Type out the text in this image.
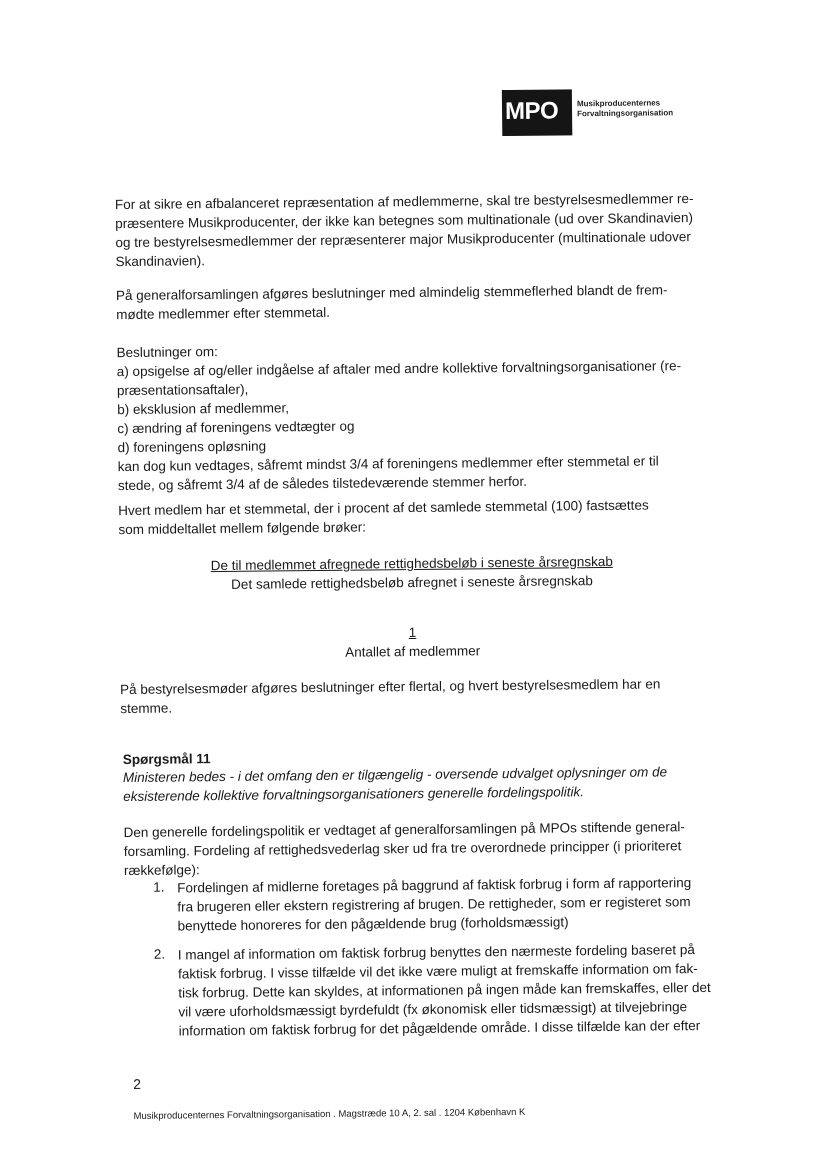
MPO Musikproducenternes
Forvaltningsorganisation

For at sikre en afbalanceret repræsentation af medlemmerne, skal tre bestyrelsesmedlemmer re-

præsentere Musikproducenter, der ikke kan betegnes som multinationale (ud over Skandinavien)

og tre bestyrelsesmedlemmer der repræsenterer major Musikproducenter (multinationale udover

Skandinavien).

På generalforsamlingen afgøres beslutninger med almindelig stemmeflerhed blandt de frem-

mødte medlemmer efter stemmetal.

Beslutninger om:

a) opsigelse af og/eller indgåelse af aftaler med andre kollektive forvaltningsorganisationer (re-

præsentationsaftaler),

b) eksklusion af medlemmer,

c) ændring af foreningens vedtægter og

d) foreningens opløsning

kan dog kun vedtages, såfremt mindst 3/4 af foreningens medlemmer efter stemmetal er til

stede, og såfremt 3/4 af de således tilstedeværende stemmer herfor.

Hvert medlem har et stemmetal, der i procent af det samlede stemmetal (100) fastsættes

som middeltallet mellem følgende brøker:

De til medlemmet afregnede rettighedsbeløb i seneste årsregnskab
Det samlede rettighedsbeløb afregnet i seneste årsregnskab
1
Antallet af medlemmer

På bestyrelsesmøder afgøres beslutninger efter flertal, og hvert bestyrelsesmedlem har en

stemme.

Spørgsmål 11
Ministeren bedes - i det omfang den er tilgængelig - oversende udvalget oplysninger om de
eksisterende kollektive forvaltningsorganisationers generelle fordelingspolitik.

Den generelle fordelingspolitik er vedtaget af generalforsamlingen på MPOs stiftende general-

forsamling. Fordeling af rettighedsvederlag sker ud fra tre overordnede principper (i prioriteret

rækkefølge):

1. Fordelingen af midlerne foretages på baggrund af faktisk forbrug i form af rapportering
fra brugeren eller ekstern registrering af brugen. De rettigheder, som er registeret som
benyttede honoreres for den pågældende brug (forholdsmæssigt)
2. I mangel af information om faktisk forbrug benyttes den nærmeste fordeling baseret på
faktisk forbrug. I visse tilfælde vil det ikke være muligt at fremskaffe information om fak-
tisk forbrug. Dette kan skyldes, at informationen på ingen måde kan fremskaffes, eller det
vil være uforholdsmæssigt byrdefuldt (fx økonomisk eller tidsmæssigt) at tilvejebringe
information om faktisk forbrug for det pågældende område. I disse tilfælde kan der efter
2
Musikproducenternes Forvaltningsorganisation . Magstræde 10 A, 2. sal . 1204 København K
